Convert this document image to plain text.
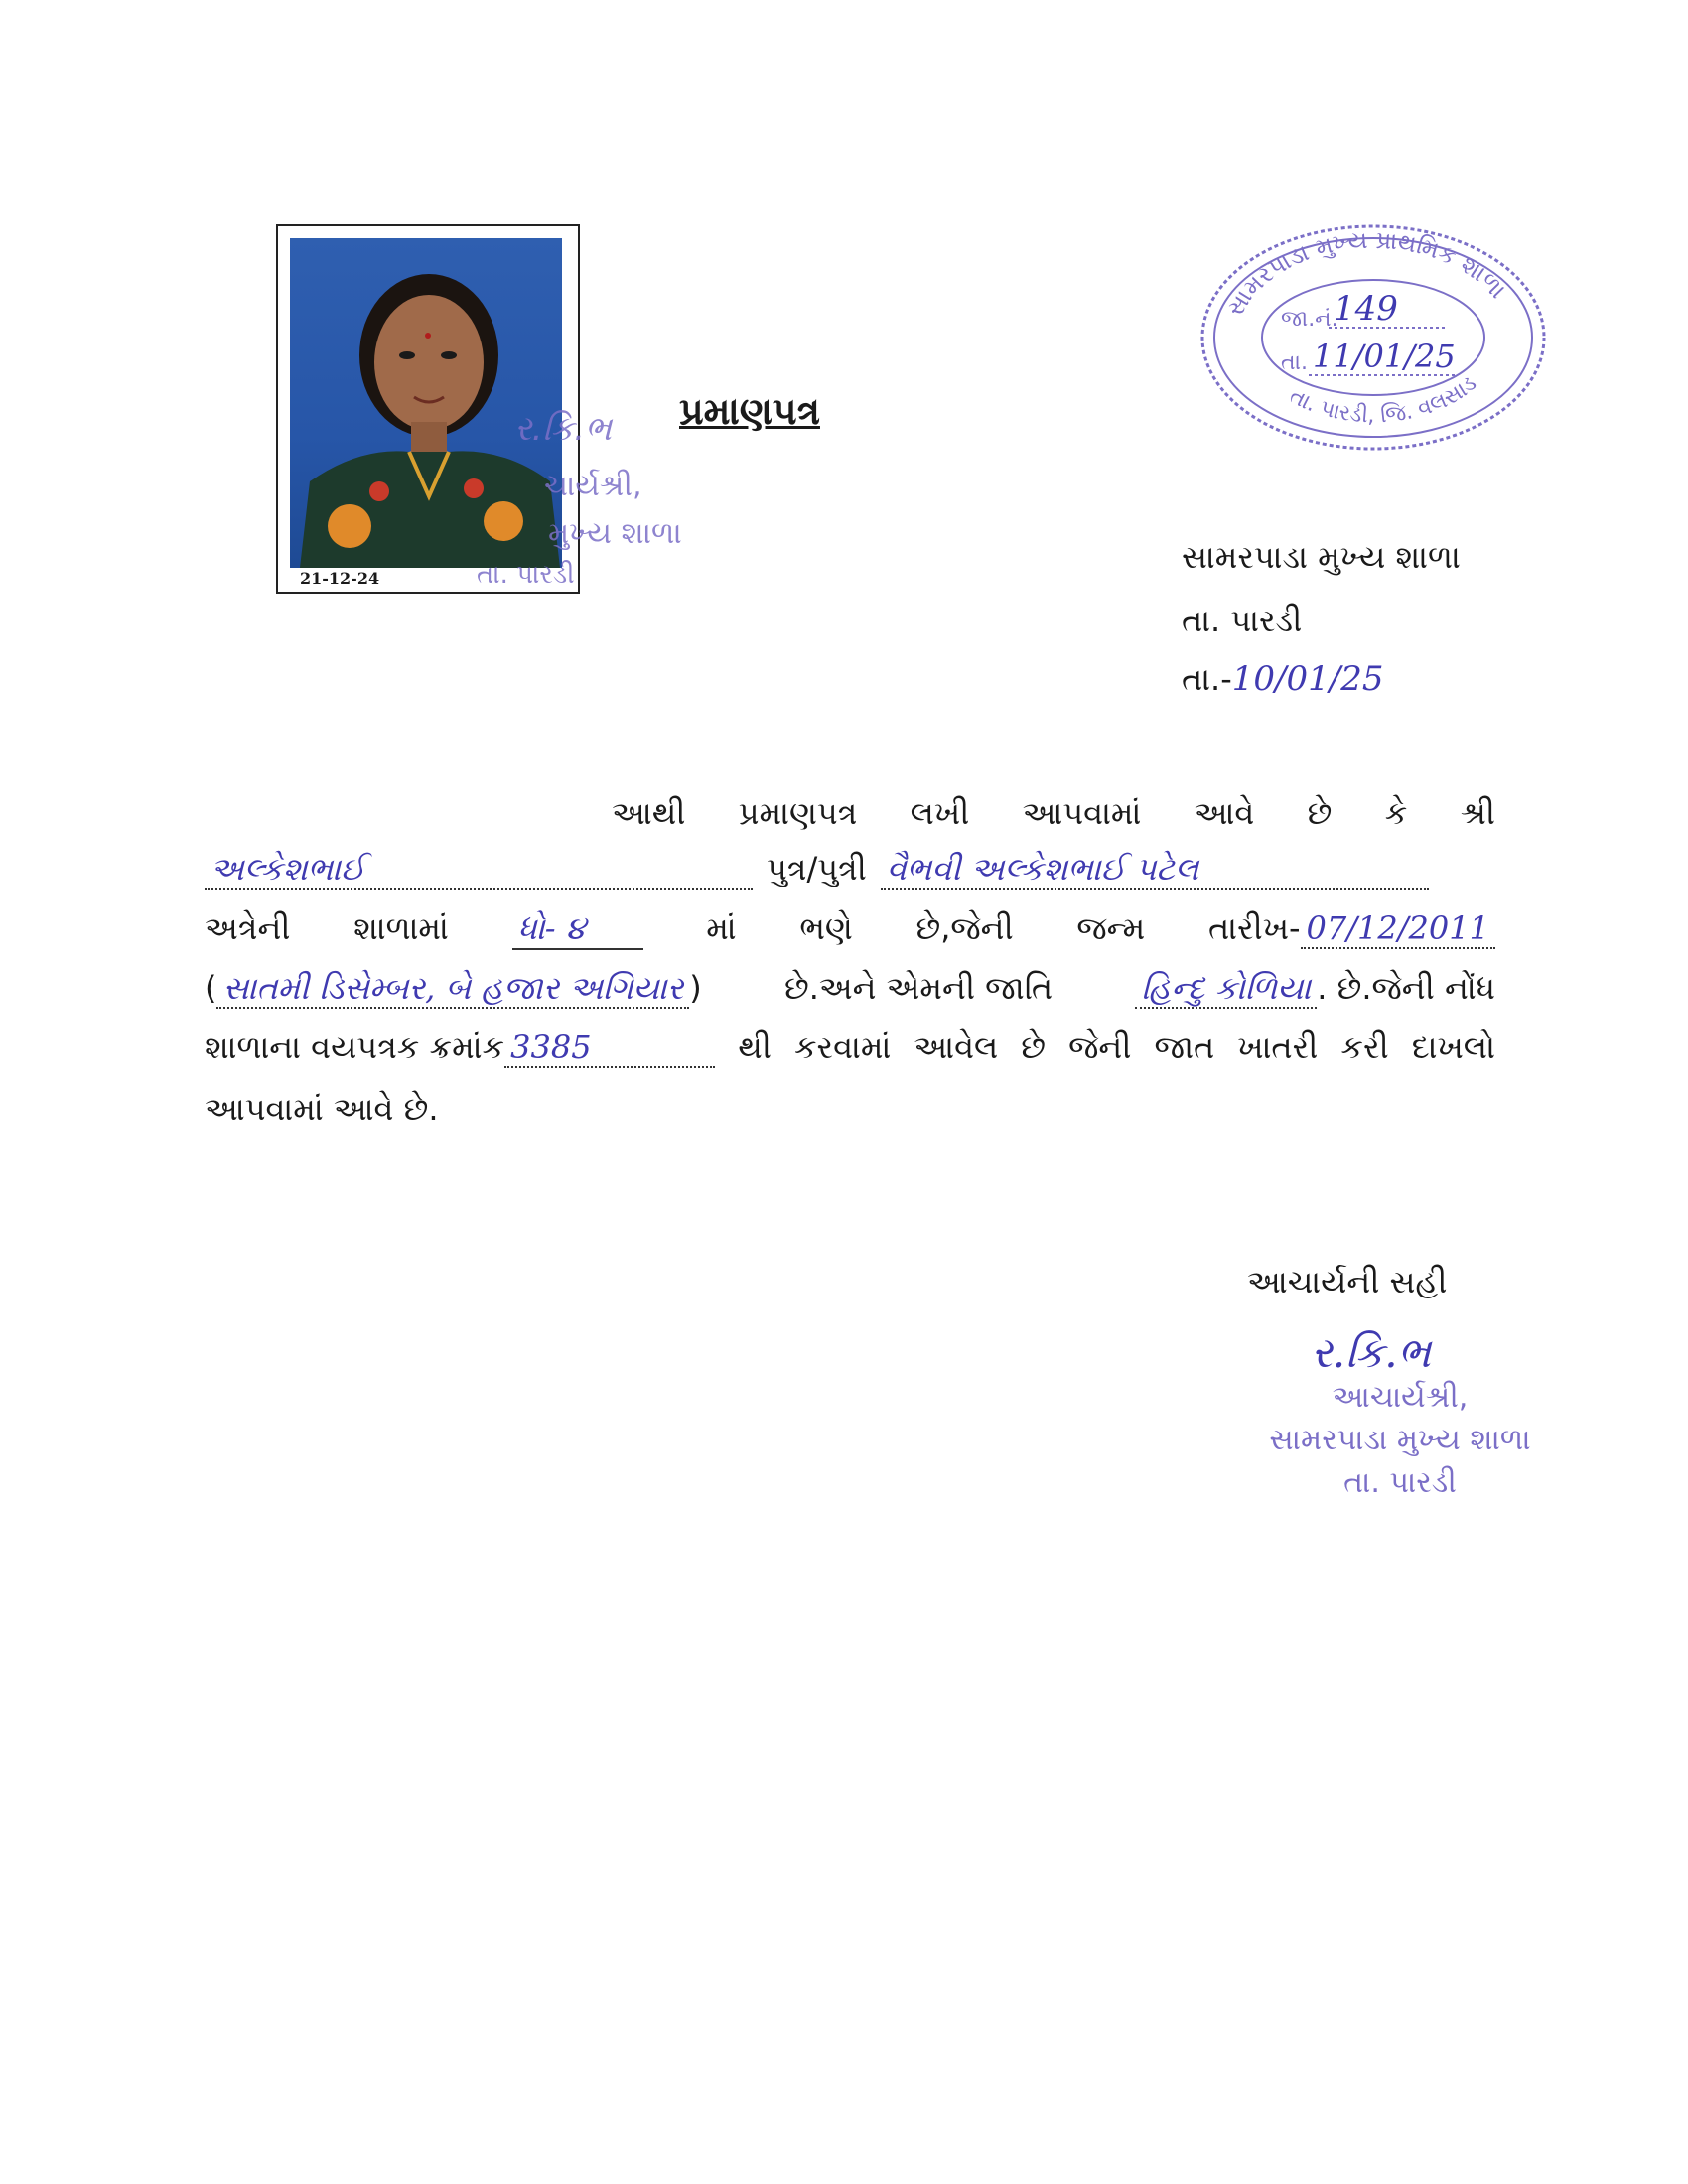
21-12-24
ર.કિ.ભ
ચાર્યશ્રી,
મુખ્ય શાળા
તા. પારડી
પ્રમાણપત્ર
સામરપાડા મુખ્ય પ્રાથમિક શાળા
તા. પારડી, જિ. વલસાડ
જા.નં.
149
તા. 11/01/25
સામરપાડા મુખ્ય શાળા
તા. પારડી
તા.-10/01/25
આથી પ્રમાણપત્ર લખી આપવામાં આવે છે કે શ્રી
અલ્કેશભાઈ	પુત્ર/પુત્રી વૈભવી અલ્કેશભાઈ પટેલ
અત્રેની શાળામાં ધો- ૪	માં ભણે છે,જેની જન્મ તારીખ- 07/12/2011
( સાતમી ડિસેમ્બર, બે હજાર અગિયાર )	છે.અને એમની જાતિ	હિન્દુ કોળિયા . છે.જેની નોંધ
શાળાના વયપત્રક ક્રમાંક 3385	થી કરવામાં આવેલ છે જેની જાત ખાતરી કરી દાખલો
આપવામાં આવે છે.
આચાર્યની સહી
ર.કિ.ભ
આચાર્યશ્રી,
સામરપાડા મુખ્ય શાળા
તા. પારડી
